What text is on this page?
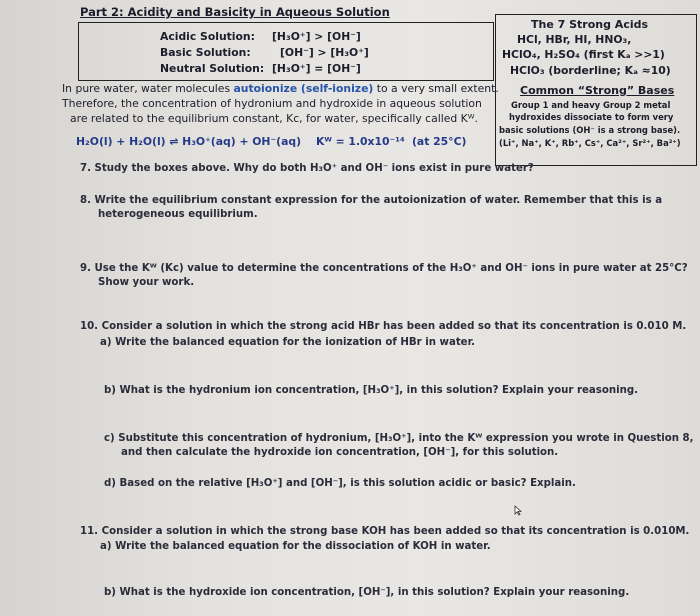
Part 2: Acidity and Basicity in Aqueous Solution
Acidic Solution: [H₃O⁺] > [OH⁻]
Basic Solution:	[OH⁻] > [H₃O⁺]
Neutral Solution: [H₃O⁺] = [OH⁻]
The 7 Strong Acids
HCl, HBr, HI, HNO₃,
HClO₄, H₂SO₄ (first Kₐ >>1)
HClO₃ (borderline; Kₐ ≈10)
Common “Strong” Bases
Group 1 and heavy Group 2 metal
hydroxides dissociate to form very
basic solutions (OH⁻ is a strong base).
(Li⁺, Na⁺, K⁺, Rb⁺, Cs⁺, Ca²⁺, Sr²⁺, Ba²⁺)
In pure water, water molecules autoionize (self-ionize) to a very small extent.
Therefore, the concentration of hydronium and hydroxide in aqueous solution
are related to the equilibrium constant, Kᴄ, for water, specifically called Kᵂ.
H₂O(l) + H₂O(l) ⇌ H₃O⁺(aq) + OH⁻(aq) Kᵂ = 1.0x10⁻¹⁴ (at 25°C)
7. Study the boxes above. Why do both H₃O⁺ and OH⁻ ions exist in pure water?
8. Write the equilibrium constant expression for the autoionization of water. Remember that this is a
heterogeneous equilibrium.
9. Use the Kᵂ (Kᴄ) value to determine the concentrations of the H₃O⁺ and OH⁻ ions in pure water at 25°C?
Show your work.
10. Consider a solution in which the strong acid HBr has been added so that its concentration is 0.010 M.
a) Write the balanced equation for the ionization of HBr in water.
b) What is the hydronium ion concentration, [H₃O⁺], in this solution? Explain your reasoning.
c) Substitute this concentration of hydronium, [H₃O⁺], into the Kᵂ expression you wrote in Question 8,
and then calculate the hydroxide ion concentration, [OH⁻], for this solution.
d) Based on the relative [H₃O⁺] and [OH⁻], is this solution acidic or basic? Explain.
11. Consider a solution in which the strong base KOH has been added so that its concentration is 0.010M.
a) Write the balanced equation for the dissociation of KOH in water.
b) What is the hydroxide ion concentration, [OH⁻], in this solution? Explain your reasoning.
